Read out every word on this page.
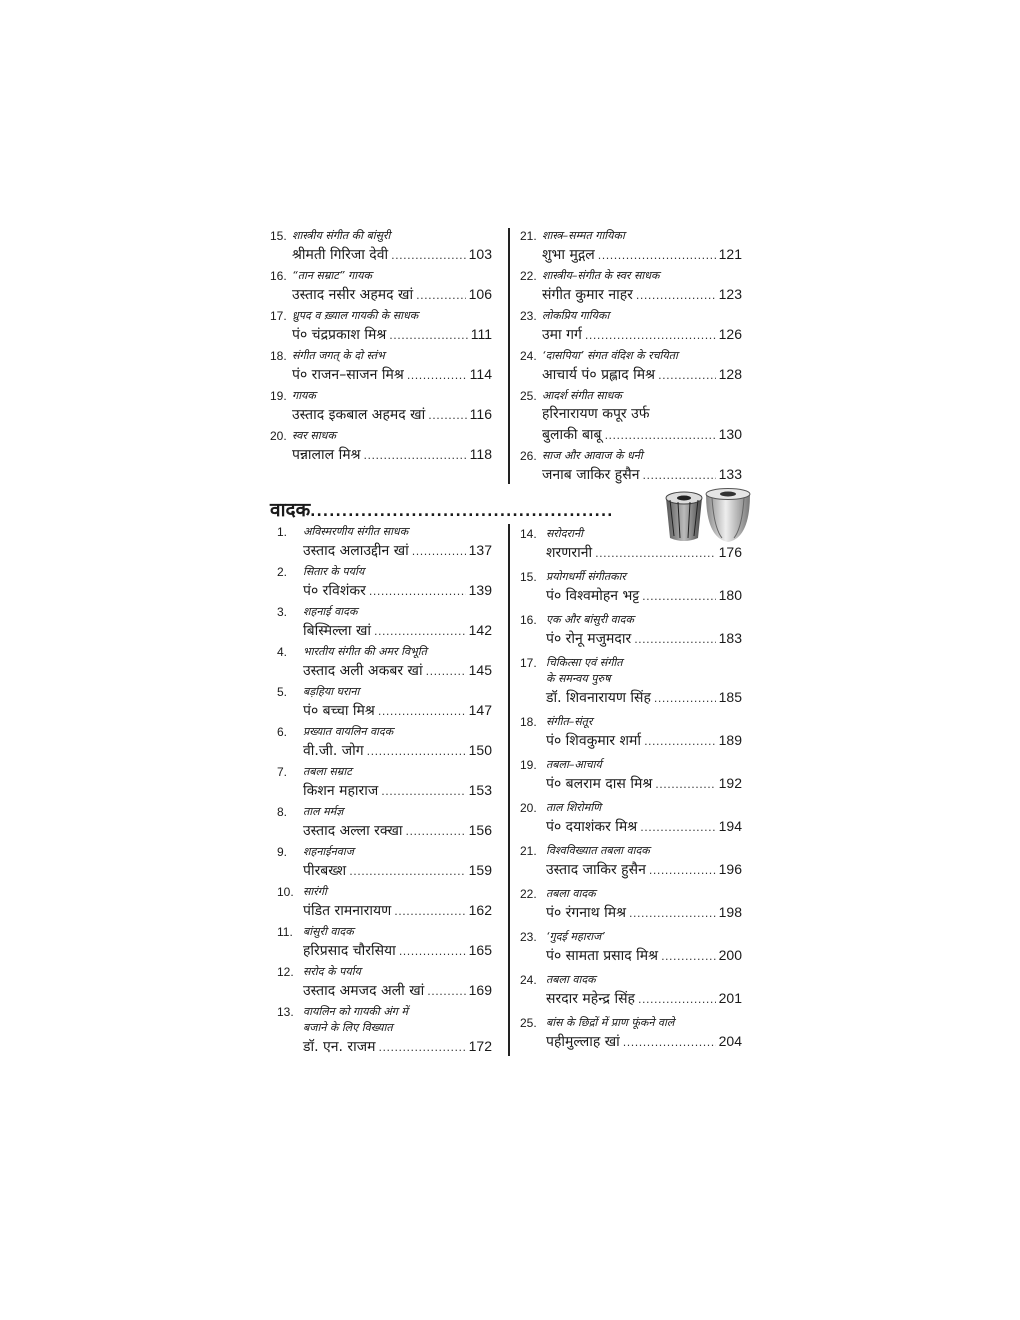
15. शास्त्रीय संगीत की बांसुरी
श्रीमती गिरिजा देवी .....	103
16. “तान सम्राट” गायक
उस्ताद नसीर अहमद खां .....	106
17. ध्रुपद व ख़्याल गायकी के साधक
पं० चंद्रप्रकाश मिश्र .....	111
18. संगीत जगत् के दो स्तंभ
पं० राजन–साजन मिश्र .....	114
19. गायक
उस्ताद इकबाल अहमद खां .....	116
20. स्वर साधक
पन्नालाल मिश्र .....	118
21. शास्त्र–सम्मत गायिका
शुभा मुद्गल .....	121
22. शास्त्रीय–संगीत के स्वर साधक
संगीत कुमार नाहर .....	123
23. लोकप्रिय गायिका
उमा गर्ग .....	126
24. ‘दासपिया’ संगत वंदिश के रचयिता
आचार्य पं० प्रह्लाद मिश्र .....	128
25. आदर्श संगीत साधक
हरिनारायण कपूर उर्फ
बुलाकी बाबू .....	130
26. साज और आवाज के धनी
जनाब जाकिर हुसैन .....	133
वादक
.....
1. अविस्मरणीय संगीत साधक
उस्ताद अलाउद्दीन खां .....	137
2. सितार के पर्याय
पं० रविशंकर .....	139
3. शहनाई वादक
बिस्मिल्ला खां .....	142
4. भारतीय संगीत की अमर विभूति
उस्ताद अली अकबर खां .....	145
5. बड़हिया घराना
पं० बच्चा मिश्र .....	147
6. प्रख्यात वायलिन वादक
वी.जी. जोग .....	150
7. तबला सम्राट
किशन महाराज .....	153
8. ताल मर्मज्ञ
उस्ताद अल्ला रक्खा .....	156
9. शहनाईनवाज
पीरबख्श .....	159
10. सारंगी
पंडित रामनारायण .....	162
11. बांसुरी वादक
हरिप्रसाद चौरसिया .....	165
12. सरोद के पर्याय
उस्ताद अमजद अली खां .....	169
13. वायलिन को गायकी अंग में
बजाने के लिए विख्यात
डॉ. एन. राजम .....	172
14. सरोदरानी
शरणरानी .....	176
15. प्रयोगधर्मी संगीतकार
पं० विश्वमोहन भट्ट .....	180
16. एक और बांसुरी वादक
पं० रोनू मजुमदार .....	183
17. चिकित्सा एवं संगीत
के समन्वय पुरुष
डॉ. शिवनारायण सिंह .....	185
18. संगीत–संतूर
पं० शिवकुमार शर्मा .....	189
19. तबला–आचार्य
पं० बलराम दास मिश्र .....	192
20. ताल शिरोमणि
पं० दयाशंकर मिश्र .....	194
21. विश्वविख्यात तबला वादक
उस्ताद जाकिर हुसैन .....	196
22. तबला वादक
पं० रंगनाथ मिश्र .....	198
23. ‘गुदई महाराज’
पं० सामता प्रसाद मिश्र .....	200
24. तबला वादक
सरदार महेन्द्र सिंह .....	201
25. बांस के छिद्रों में प्राण फूंकने वाले
पहीमुल्लाह खां .....	204
